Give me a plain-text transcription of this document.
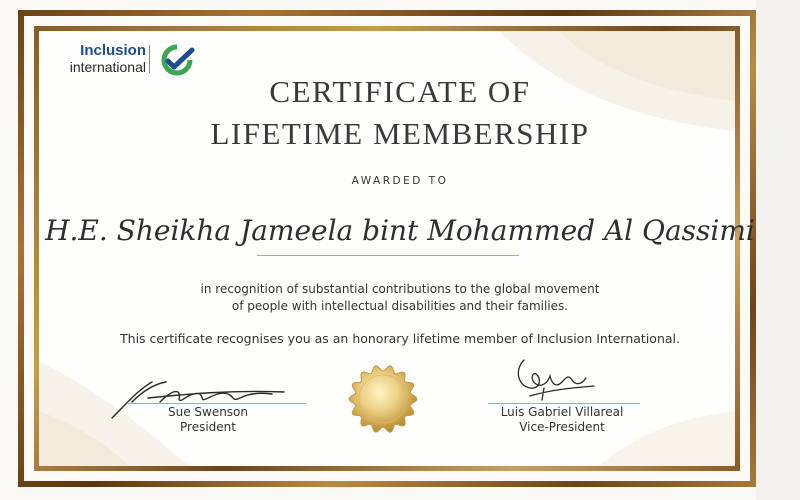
Inclusion
international
CERTIFICATE OF
LIFETIME MEMBERSHIP
AWARDED TO
H.E. Sheikha Jameela bint Mohammed Al Qassimi
in recognition of substantial contributions to the global movement
of people with intellectual disabilities and their families.
This certificate recognises you as an honorary lifetime member of Inclusion International.
Sue Swenson
President
Luis Gabriel Villareal
Vice-President
